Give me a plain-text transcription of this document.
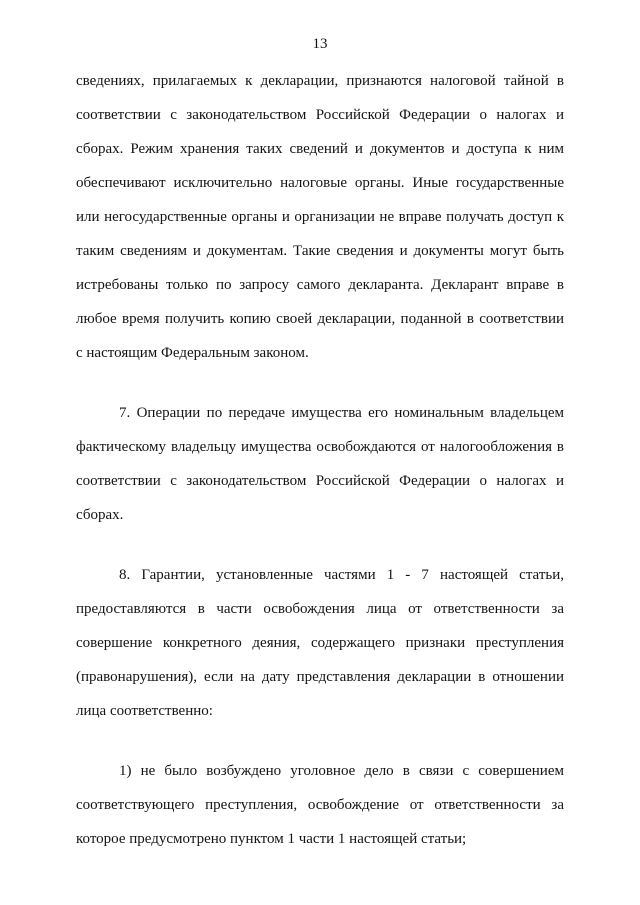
13

сведениях, прилагаемых к декларации, признаются налоговой тайной в
соответствии с законодательством Российской Федерации о налогах и
сборах. Режим хранения таких сведений и документов и доступа к ним
обеспечивают исключительно налоговые органы. Иные государственные
или негосударственные органы и организации не вправе получать доступ к
таким сведениям и документам. Такие сведения и документы могут быть
истребованы только по запросу самого декларанта. Декларант вправе в
любое время получить копию своей декларации, поданной в соответствии
с настоящим Федеральным законом.

7. Операции по передаче имущества его номинальным владельцем
фактическому владельцу имущества освобождаются от налогообложения в
соответствии с законодательством Российской Федерации о налогах и
сборах.

8. Гарантии, установленные частями 1 - 7 настоящей статьи,
предоставляются в части освобождения лица от ответственности за
совершение конкретного деяния, содержащего признаки преступления
(правонарушения), если на дату представления декларации в отношении
лица соответственно:

1) не было возбуждено уголовное дело в связи с совершением
соответствующего преступления, освобождение от ответственности за
которое предусмотрено пунктом 1 части 1 настоящей статьи;
